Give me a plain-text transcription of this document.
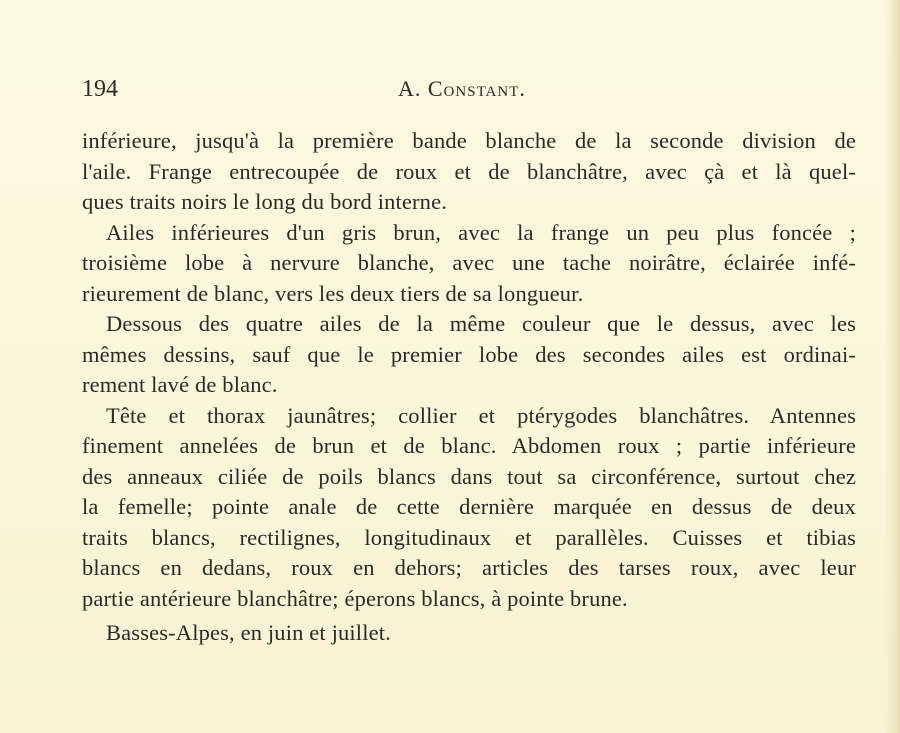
194	A. Constant.
inférieure, jusqu'à la première bande blanche de la seconde division de
l'aile. Frange entrecoupée de roux et de blanchâtre, avec çà et là quel-
ques traits noirs le long du bord interne.
Ailes inférieures d'un gris brun, avec la frange un peu plus foncée ;
troisième lobe à nervure blanche, avec une tache noirâtre, éclairée infé-
rieurement de blanc, vers les deux tiers de sa longueur.
Dessous des quatre ailes de la même couleur que le dessus, avec les
mêmes dessins, sauf que le premier lobe des secondes ailes est ordinai-
rement lavé de blanc.
Tête et thorax jaunâtres; collier et ptérygodes blanchâtres. Antennes
finement annelées de brun et de blanc. Abdomen roux ; partie inférieure
des anneaux ciliée de poils blancs dans tout sa circonférence, surtout chez
la femelle; pointe anale de cette dernière marquée en dessus de deux
traits blancs, rectilignes, longitudinaux et parallèles. Cuisses et tibias
blancs en dedans, roux en dehors; articles des tarses roux, avec leur
partie antérieure blanchâtre; éperons blancs, à pointe brune.
Basses-Alpes, en juin et juillet.
